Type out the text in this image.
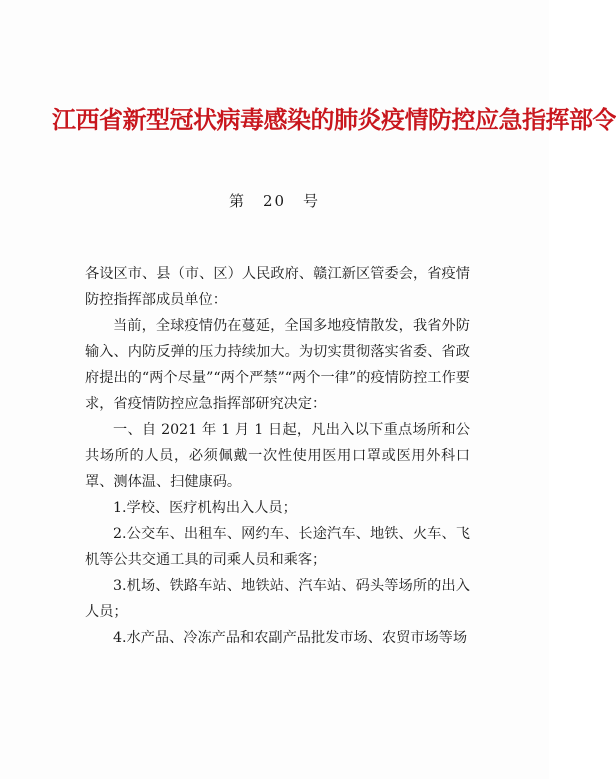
江西省新型冠状病毒感染的肺炎疫情防控应急指挥部令
第　20　号

各设区市、县（市、区）人民政府、赣江新区管委会，省疫情防控指挥部成员单位：

当前，全球疫情仍在蔓延，全国多地疫情散发，我省外防输入、内防反弹的压力持续加大。为切实贯彻落实省委、省政府提出的“两个尽量”“两个严禁”“两个一律”的疫情防控工作要求，省疫情防控应急指挥部研究决定：

一、自 2021 年 1 月 1 日起，凡出入以下重点场所和公共场所的人员，必须佩戴一次性使用医用口罩或医用外科口罩、测体温、扫健康码。

1.学校、医疗机构出入人员；

2.公交车、出租车、网约车、长途汽车、地铁、火车、飞机等公共交通工具的司乘人员和乘客；

3.机场、铁路车站、地铁站、汽车站、码头等场所的出入人员；

4.水产品、冷冻产品和农副产品批发市场、农贸市场等场
